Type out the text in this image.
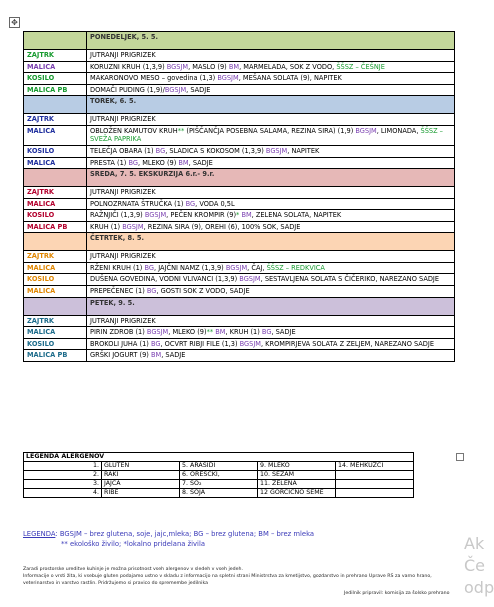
✥
	PONEDELJEK, 5. 5.
ZAJTRK	JUTRANJI PRIGRIZEK
MALICA	KORUZNI KRUH (1,3,9) BGSJM, MASLO (9) BM, MARMELADA, SOK Z VODO, ŠŠSZ – ČEŠNJE
KOSILO	MAKARONOVO MESO – govedina (1,3) BGSJM, MEŠANA SOLATA (9), NAPITEK
MALICA PB	DOMAČI PUDING (1,9)/BGSJM, SADJE
	TOREK, 6. 5.
ZAJTRK	JUTRANJI PRIGRIZEK
MALICA	OBLOŽEN KAMUTOV KRUH** (PIŠČANČJA POSEBNA SALAMA, REZINA SIRA) (1,9) BGSJM, LIMONADA, ŠŠSZ – SVEŽA PAPRIKA
KOSILO	TELEČJA OBARA (1) BG, SLADICA S KOKOSOM (1,3,9) BGSJM, NAPITEK
MALICA	PRESTA (1) BG, MLEKO (9) BM, SADJE
	SREDA, 7. 5. EKSKURZIJA 6.r.- 9.r.
ZAJTRK	JUTRANJI PRIGRIZEK
MALICA	POLNOZRNATA ŠTRUČKA (1) BG, VODA 0,5L
KOSILO	RAŽNJIČI (1,3,9) BGSJM, PEČEN KROMPIR (9)* BM, ZELENA SOLATA, NAPITEK
MALICA PB	KRUH (1) BGSJM, REZINA SIRA (9), OREHI (6), 100% SOK, SADJE
	ČETRTEK, 8. 5.
ZAJTRK	JUTRANJI PRIGRIZEK
MALICA	RŽENI KRUH (1) BG, JAJČNI NAMZ (1,3,9) BGSJM, ČAJ, ŠŠSZ – REDKVICA
KOSILO	DUŠENA GOVEDINA, VODNI VLIVANCI (1,3,9) BGSJM, SESTAVLJENA SOLATA S ČIČERIKO, NAREZANO SADJE
MALICA	PREPEČENEC (1) BG, GOSTI SOK Z VODO, SADJE
	PETEK, 9. 5.
ZAJTRK	JUTRANJI PRIGRIZEK
MALICA	PIRIN ZDROB (1) BGSJM, MLEKO (9)** BM, KRUH (1) BG, SADJE
KOSILO	BROKOLI JUHA (1) BG, OCVRT RIBJI FILE (1,3) BGSJM, KROMPIRJEVA SOLATA Z ZELJEM, NAREZANO SADJE
MALICA PB	GRŠKI JOGURT (9) BM, SADJE
LEGENDA ALERGENOV				
1.	GLUTEN	5. ARAŠIDI	9. MLEKO	14. MEHKUŽCI
2.	RAKI	6. OREŠČKI,	10. SEZAM	
3.	JAJCA	7. SO₂	11. ZELENA	
4.	RIBE	8. SOJA	12 GORČIČNO SEME	
LEGENDA: BGSJM – brez glutena, soje, jajc,mleka; BG – brez glutena; BM – brez mleka
** ekološko živilo; *lokalno pridelana živila
Zaradi prostorske ureditve kuhinje je možna prisotnost vseh alergenov v sledeh v vseh jedeh.
Informacije o vrsti žita, ki vsebuje gluten podajamo ustno v skladu z informacijo na spletni strani Ministrstva za kmetijstvo, gozdarstvo in prehrano Uprave RS za varno hrano, veterinarstvo in varstvo rastlin. Pridržujemo si pravico do spremembe jedilnika
Jedilnik pripravil: komisija za šolsko prehrano
Ak
Če
odp
